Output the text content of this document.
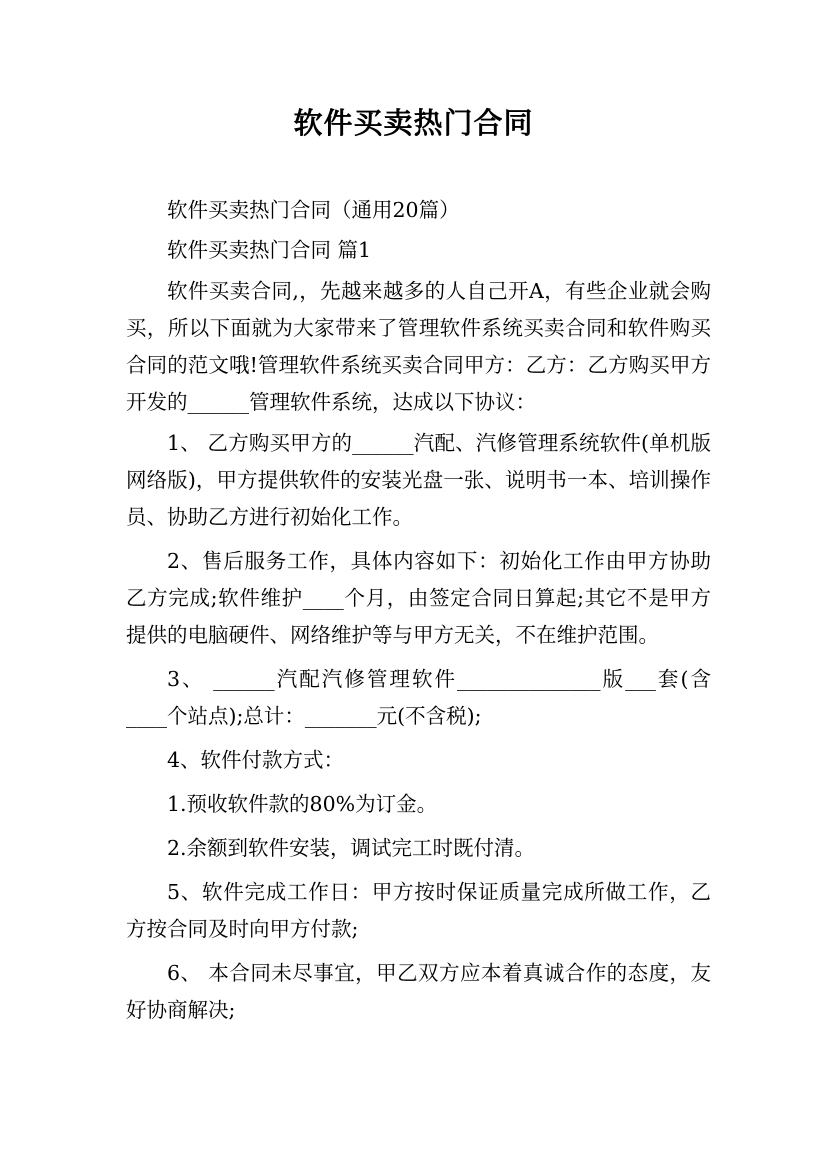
软件买卖热门合同

软件买卖热门合同（通用20篇）

软件买卖热门合同 篇1

软件买卖合同,，先越来越多的人自己开A，有些企业就会购买，所以下面就为大家带来了管理软件系统买卖合同和软件购买合同的范文哦!管理软件系统买卖合同甲方：乙方：乙方购买甲方开发的______管理软件系统，达成以下协议：

1、 乙方购买甲方的______汽配、汽修管理系统软件(单机版网络版)，甲方提供软件的安装光盘一张、说明书一本、培训操作员、协助乙方进行初始化工作。

2、售后服务工作，具体内容如下：初始化工作由甲方协助乙方完成;软件维护____个月，由签定合同日算起;其它不是甲方提供的电脑硬件、网络维护等与甲方无关，不在维护范围。

3、 ______汽配汽修管理软件______________版___套(含____个站点);总计：_______元(不含税);

4、软件付款方式：

1.预收软件款的80%为订金。

2.余额到软件安装，调试完工时既付清。

5、软件完成工作日：甲方按时保证质量完成所做工作，乙方按合同及时向甲方付款;

6、 本合同未尽事宜，甲乙双方应本着真诚合作的态度，友好协商解决;
